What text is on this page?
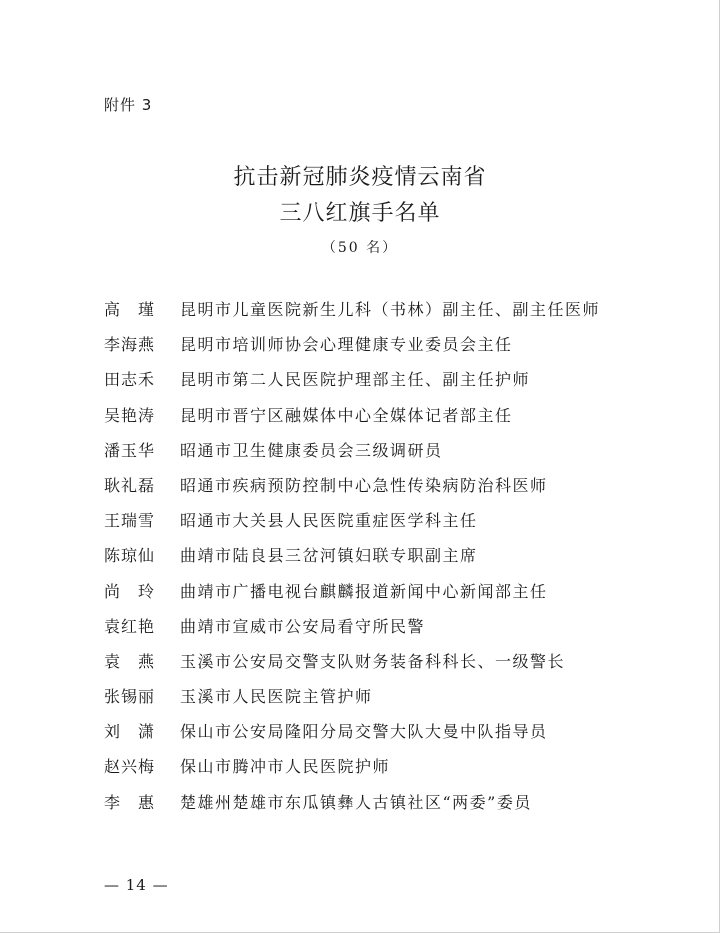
附件 3
抗击新冠肺炎疫情云南省
三八红旗手名单
（50 名）
高　瑾	昆明市儿童医院新生儿科（书林）副主任、副主任医师
李海燕	昆明市培训师协会心理健康专业委员会主任
田志禾	昆明市第二人民医院护理部主任、副主任护师
吴艳涛	昆明市晋宁区融媒体中心全媒体记者部主任
潘玉华	昭通市卫生健康委员会三级调研员
耿礼磊	昭通市疾病预防控制中心急性传染病防治科医师
王瑞雪	昭通市大关县人民医院重症医学科主任
陈琼仙	曲靖市陆良县三岔河镇妇联专职副主席
尚　玲	曲靖市广播电视台麒麟报道新闻中心新闻部主任
袁红艳	曲靖市宣威市公安局看守所民警
袁　燕	玉溪市公安局交警支队财务装备科科长、一级警长
张锡丽	玉溪市人民医院主管护师
刘　潇	保山市公安局隆阳分局交警大队大曼中队指导员
赵兴梅	保山市腾冲市人民医院护师
李　惠	楚雄州楚雄市东瓜镇彝人古镇社区“两委”委员
— 14 —
